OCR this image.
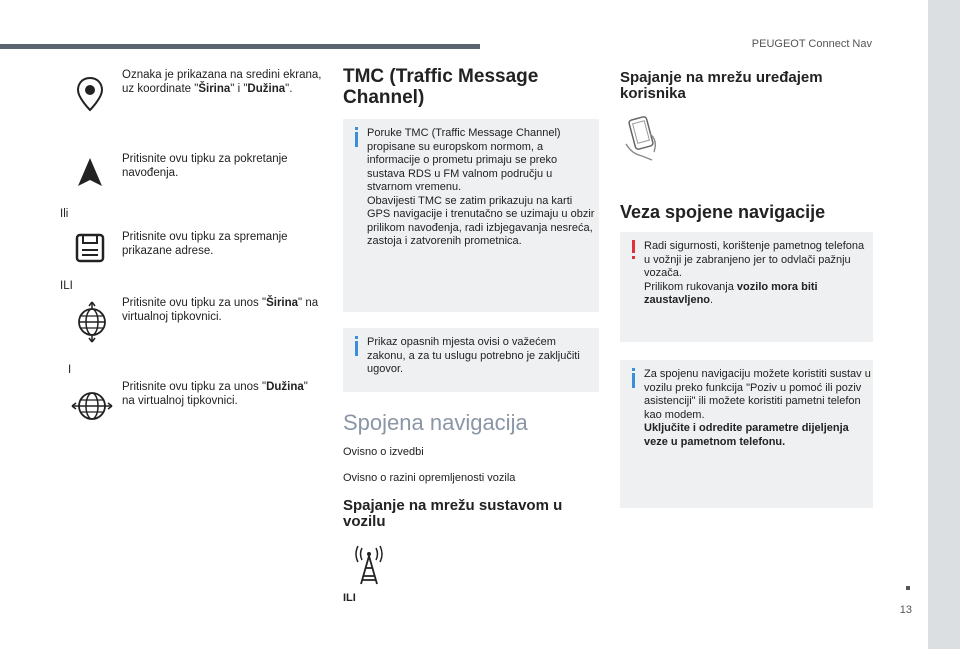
PEUGEOT Connect Nav
13
Oznaka je prikazana na sredini ekrana, uz koordinate "Širina" i "Dužina".
Pritisnite ovu tipku za pokretanje navođenja.
Ili
Pritisnite ovu tipku za spremanje prikazane adrese.
ILI
Pritisnite ovu tipku za unos "Širina" na virtualnoj tipkovnici.
I
Pritisnite ovu tipku za unos "Dužina" na virtualnoj tipkovnici.
TMC (Traffic Message
Channel)
Poruke TMC (Traffic Message Channel) propisane su europskom normom, a informacije o prometu primaju se preko sustava RDS u FM valnom području u stvarnom vremenu.
Obavijesti TMC se zatim prikazuju na karti GPS navigacije i trenutačno se uzimaju u obzir prilikom navođenja, radi izbjegavanja nesreća, zastoja i zatvorenih prometnica.
Prikaz opasnih mjesta ovisi o važećem zakonu, a za tu uslugu potrebno je zaključiti ugovor.
Spojena navigacija
Ovisno o izvedbi
Ovisno o razini opremljenosti vozila
Spajanje na mrežu sustavom u
vozilu
ILI
Spajanje na mrežu uređajem
korisnika
Veza spojene navigacije
Radi sigurnosti, korištenje pametnog telefona u vožnji je zabranjeno jer to odvlači pažnju vozača.
Prilikom rukovanja vozilo mora biti zaustavljeno.
Za spojenu navigaciju možete koristiti sustav u vozilu preko funkcija "Poziv u pomoć ili poziv asistenciji" ili možete koristiti pametni telefon kao modem.
Uključite i odredite parametre dijeljenja veze u pametnom telefonu.
